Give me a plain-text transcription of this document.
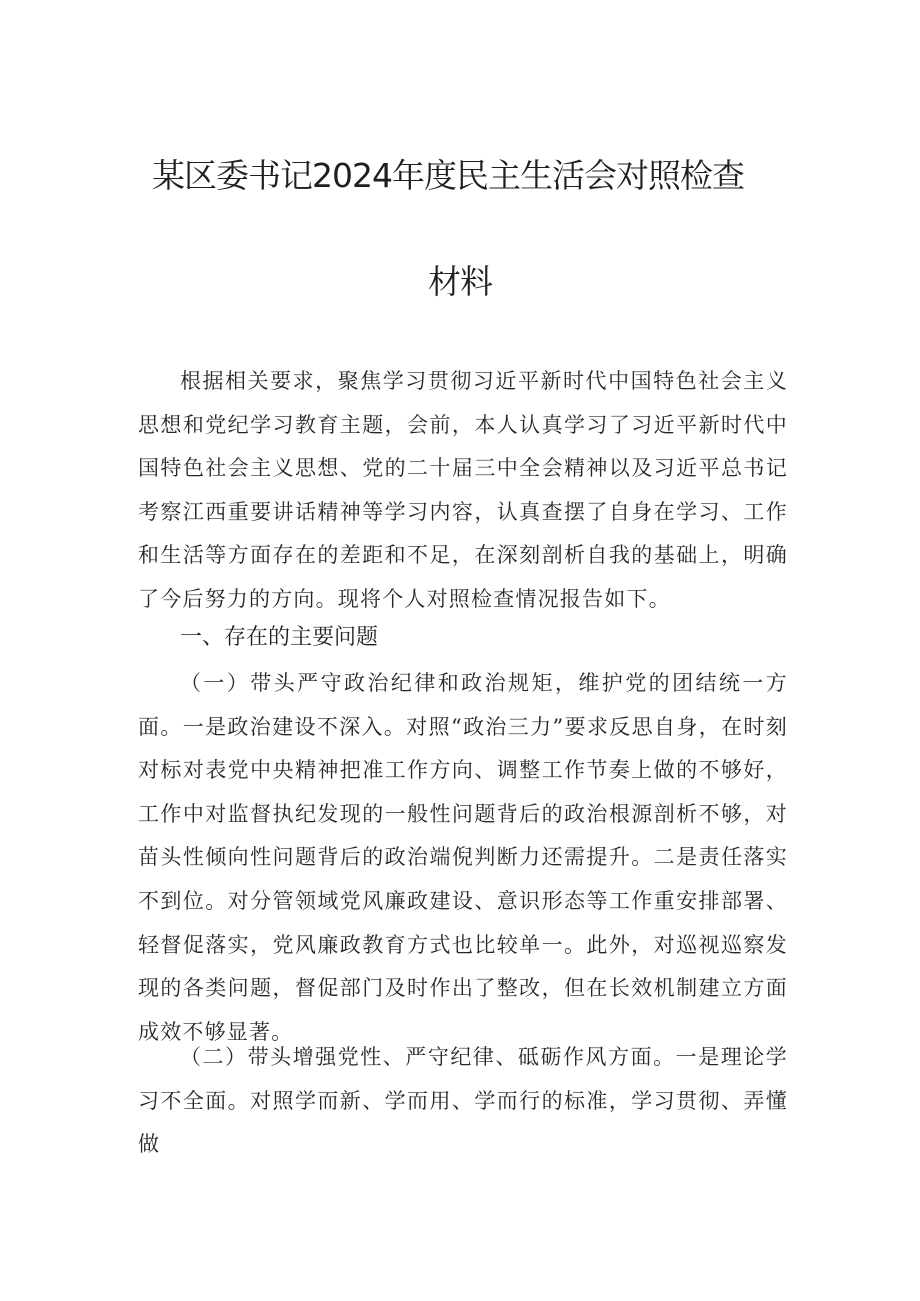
某区委书记2024年度民主生活会对照检查
材料

根据相关要求，聚焦学习贯彻习近平新时代中国特色社会主义思想和党纪学习教育主题，会前，本人认真学习了习近平新时代中国特色社会主义思想、党的二十届三中全会精神以及习近平总书记考察江西重要讲话精神等学习内容，认真查摆了自身在学习、工作和生活等方面存在的差距和不足，在深刻剖析自我的基础上，明确了今后努力的方向。现将个人对照检查情况报告如下。

一、存在的主要问题

（一）带头严守政治纪律和政治规矩，维护党的团结统一方面。一是政治建设不深入。对照“政治三力”要求反思自身，在时刻对标对表党中央精神把准工作方向、调整工作节奏上做的不够好，工作中对监督执纪发现的一般性问题背后的政治根源剖析不够，对苗头性倾向性问题背后的政治端倪判断力还需提升。二是责任落实不到位。对分管领域党风廉政建设、意识形态等工作重安排部署、轻督促落实，党风廉政教育方式也比较单一。此外，对巡视巡察发现的各类问题，督促部门及时作出了整改，但在长效机制建立方面成效不够显著。

（二）带头增强党性、严守纪律、砥砺作风方面。一是理论学习不全面。对照学而新、学而用、学而行的标准，学习贯彻、弄懂做
